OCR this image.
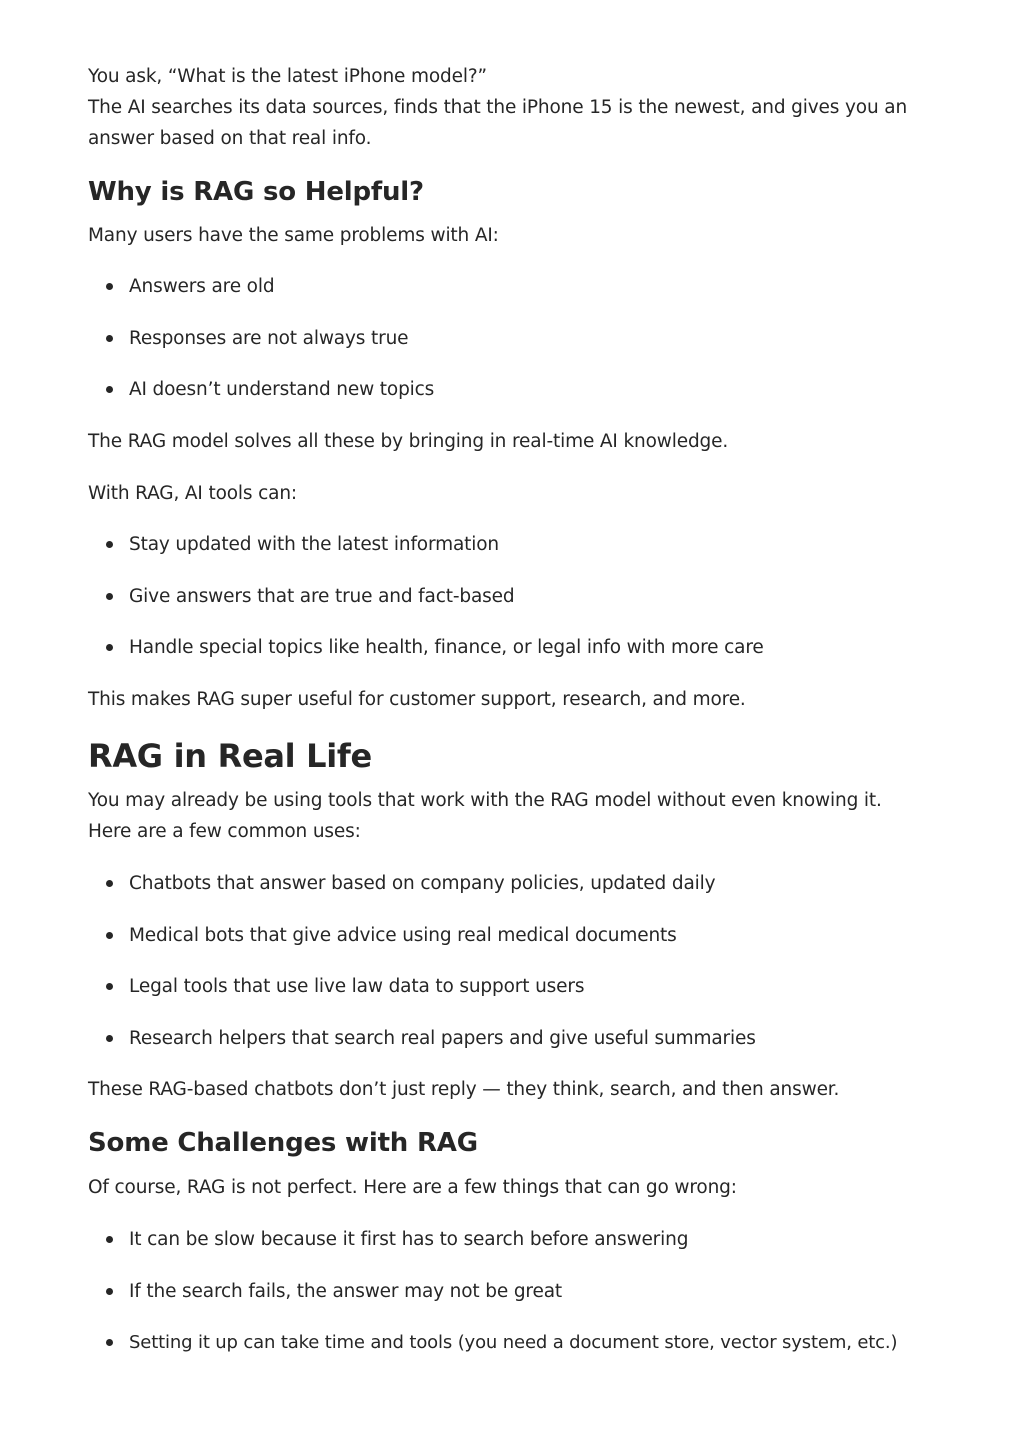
You ask, “What is the latest iPhone model?”

The AI searches its data sources, finds that the iPhone 15 is the newest, and gives you an answer based on that real info.

Why is RAG so Helpful?

Many users have the same problems with AI:

Answers are old
Responses are not always true
AI doesn’t understand new topics

The RAG model solves all these by bringing in real-time AI knowledge.

With RAG, AI tools can:

Stay updated with the latest information
Give answers that are true and fact-based
Handle special topics like health, finance, or legal info with more care

This makes RAG super useful for customer support, research, and more.

RAG in Real Life

You may already be using tools that work with the RAG model without even knowing it. Here are a few common uses:

Chatbots that answer based on company policies, updated daily
Medical bots that give advice using real medical documents
Legal tools that use live law data to support users
Research helpers that search real papers and give useful summaries

These RAG-based chatbots don’t just reply — they think, search, and then answer.

Some Challenges with RAG

Of course, RAG is not perfect. Here are a few things that can go wrong:

It can be slow because it first has to search before answering
If the search fails, the answer may not be great
Setting it up can take time and tools (you need a document store, vector system, etc.)
